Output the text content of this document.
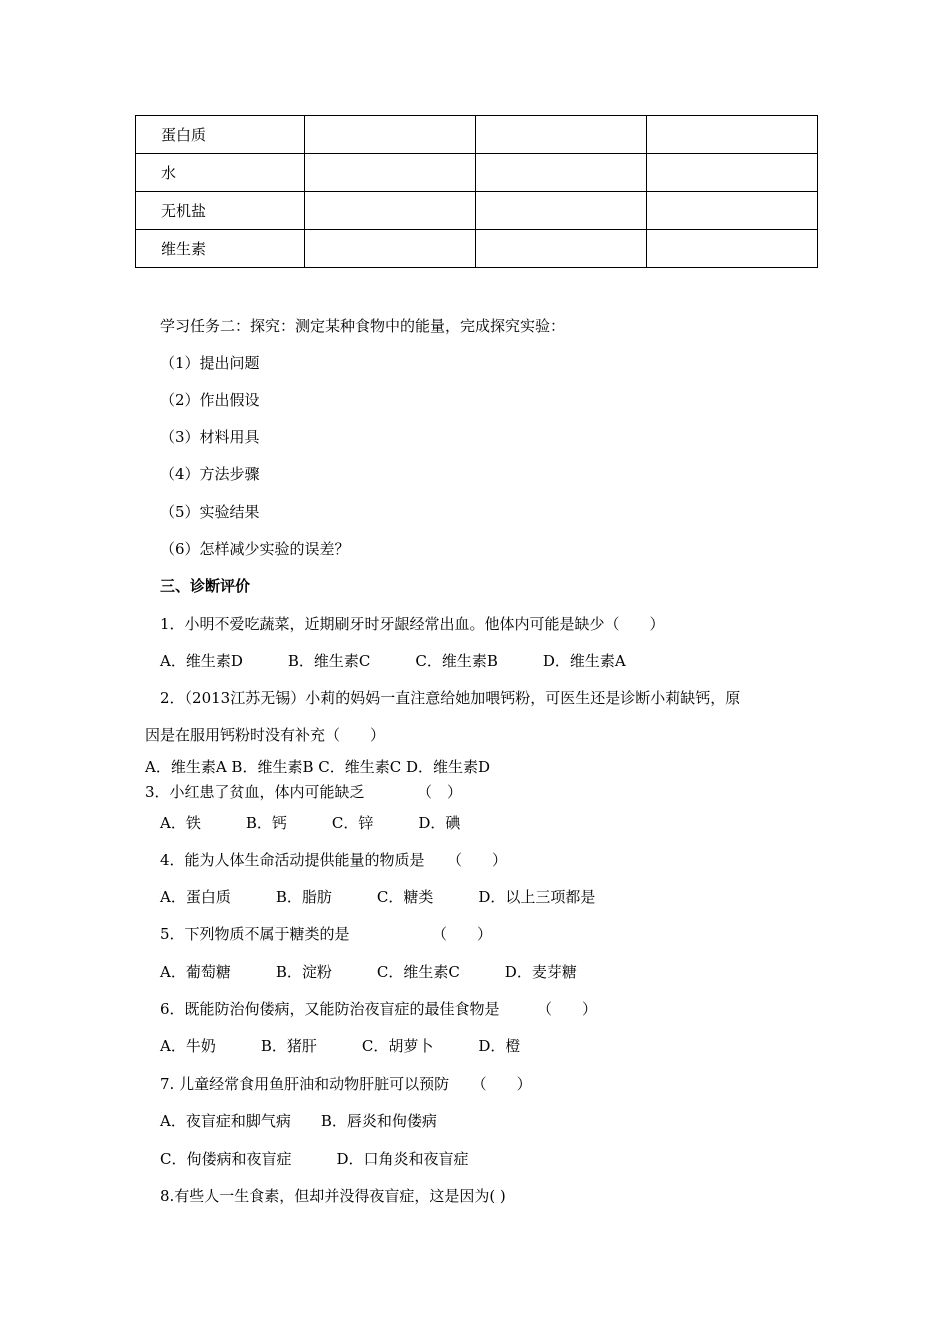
蛋白质			
水			
无机盐			
维生素			
学习任务二：探究：测定某种食物中的能量，完成探究实验：
（1）提出问题
（2）作出假设
（3）材料用具
（4）方法步骤
（5）实验结果
（6）怎样减少实验的误差？
三、诊断评价
1．小明不爱吃蔬菜，近期刷牙时牙龈经常出血。他体内可能是缺少（　　）
A．维生素D　　　B．维生素C　　　C．维生素B　　　D．维生素A
2．（2013江苏无锡）小莉的妈妈一直注意给她加喂钙粉，可医生还是诊断小莉缺钙，原
因是在服用钙粉时没有补充（　　）
A．维生素A B．维生素B C．维生素C D．维生素D
3．小红患了贫血，体内可能缺乏　　　　（　）
A．铁　　　B．钙　　　C．锌　　　D．碘
4．能为人体生命活动提供能量的物质是　　（　　）
A．蛋白质　　　B．脂肪　　　C．糖类　　　D．以上三项都是
5．下列物质不属于糖类的是　　　　　　（　　）
A．葡萄糖　　　B．淀粉　　　C．维生素C　　　D．麦芽糖
6．既能防治佝偻病，又能防治夜盲症的最佳食物是　　　（　　）
A．牛奶　　　B．猪肝　　　C．胡萝卜　　　D．橙
7. 儿童经常食用鱼肝油和动物肝脏可以预防　　（　　）
A．夜盲症和脚气病　　B．唇炎和佝偻病
C．佝偻病和夜盲症　　　D．口角炎和夜盲症
8.有些人一生食素，但却并没得夜盲症，这是因为( )
